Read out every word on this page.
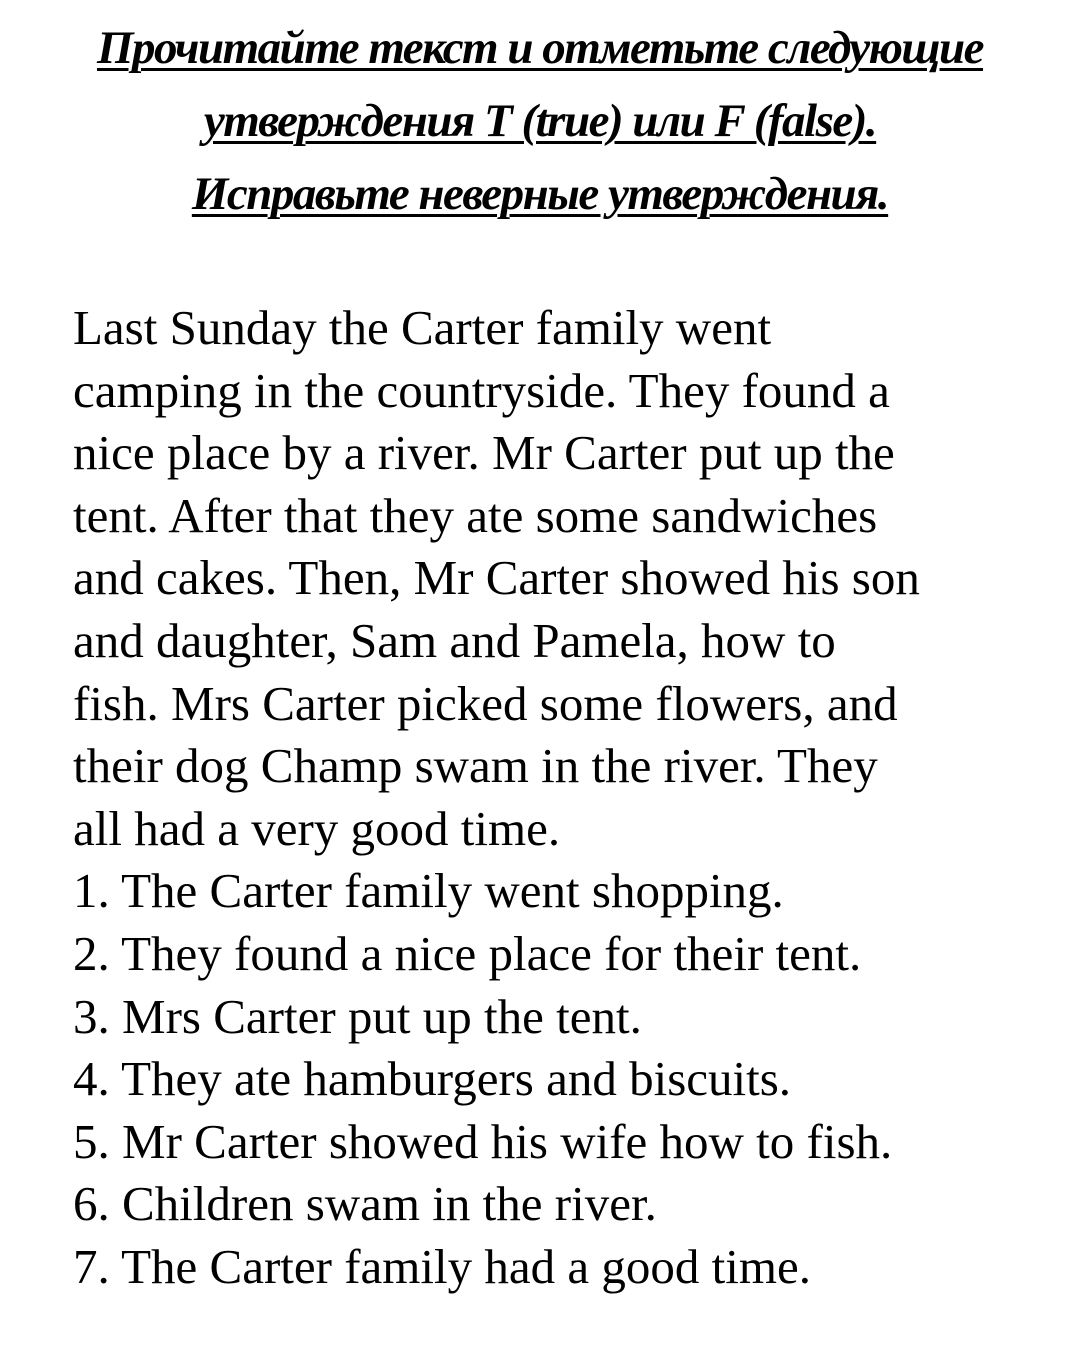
Прочитайте текст и отметьте следующие
утверждения T (true) или F (false).
Исправьте неверные утверждения.
Last Sunday the Carter family went
camping in the countryside. They found a
nice place by a river. Mr Carter put up the
tent. After that they ate some sandwiches
and cakes. Then, Mr Carter showed his son
and daughter, Sam and Pamela, how to
fish. Mrs Carter picked some flowers, and
their dog Champ swam in the river. They
all had a very good time.
1. The Carter family went shopping.
2. They found a nice place for their tent.
3. Mrs Carter put up the tent.
4. They ate hamburgers and biscuits.
5. Mr Carter showed his wife how to fish.
6. Children swam in the river.
7. The Carter family had a good time.
